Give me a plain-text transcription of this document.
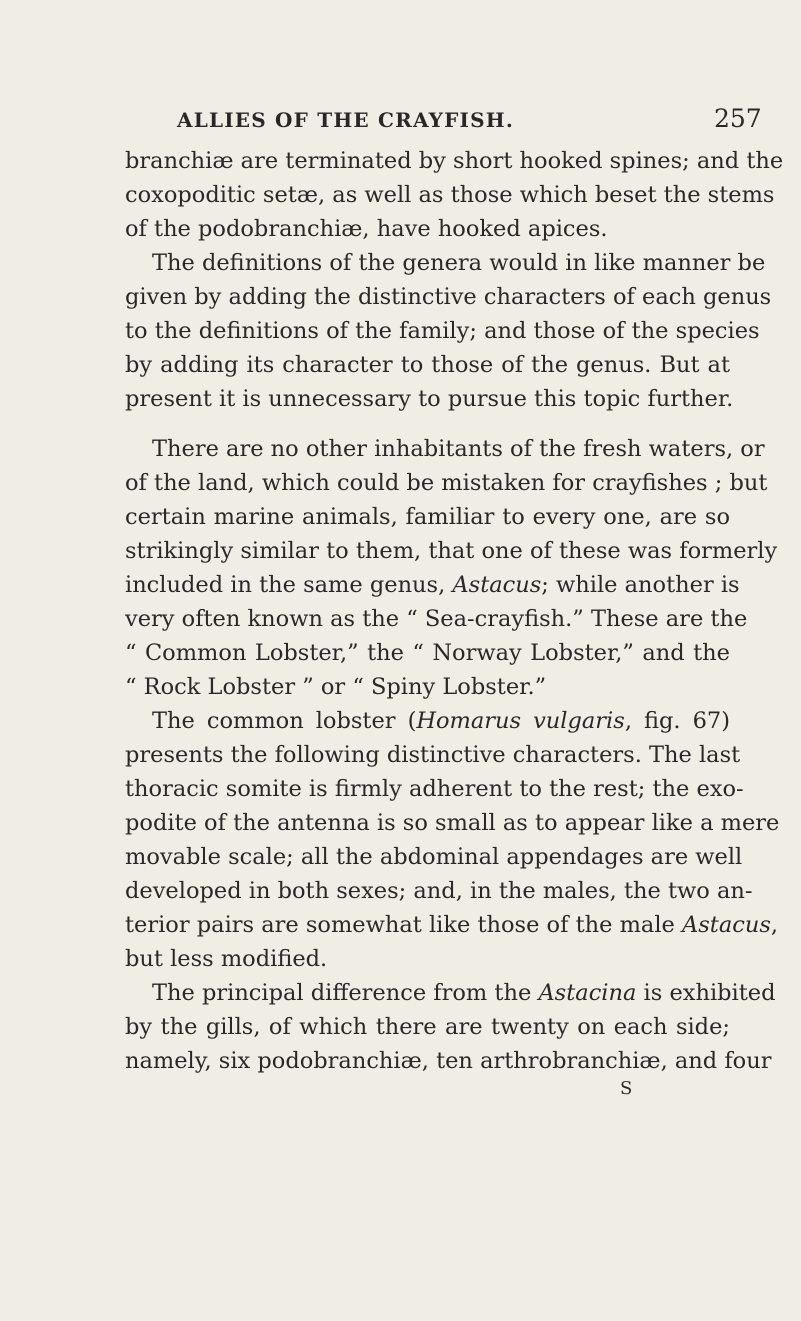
ALLIES OF THE CRAYFISH.	257
branchiæ are terminated by short hooked spines; and the
coxopoditic setæ, as well as those which beset the stems
of the podobranchiæ, have hooked apices.
The definitions of the genera would in like manner be
given by adding the distinctive characters of each genus
to the definitions of the family; and those of the species
by adding its character to those of the genus. But at
present it is unnecessary to pursue this topic further.
There are no other inhabitants of the fresh waters, or
of the land, which could be mistaken for crayfishes ; but
certain marine animals, familiar to every one, are so
strikingly similar to them, that one of these was formerly
included in the same genus, Astacus; while another is
very often known as the “ Sea-crayfish.” These are the
“ Common Lobster,” the “ Norway Lobster,” and the
“ Rock Lobster ” or “ Spiny Lobster.”
The common lobster (Homarus vulgaris, fig. 67)
presents the following distinctive characters. The last
thoracic somite is firmly adherent to the rest; the exo-
podite of the antenna is so small as to appear like a mere
movable scale; all the abdominal appendages are well
developed in both sexes; and, in the males, the two an-
terior pairs are somewhat like those of the male Astacus,
but less modified.
The principal difference from the Astacina is exhibited
by the gills, of which there are twenty on each side;
namely, six podobranchiæ, ten arthrobranchiæ, and four
S
